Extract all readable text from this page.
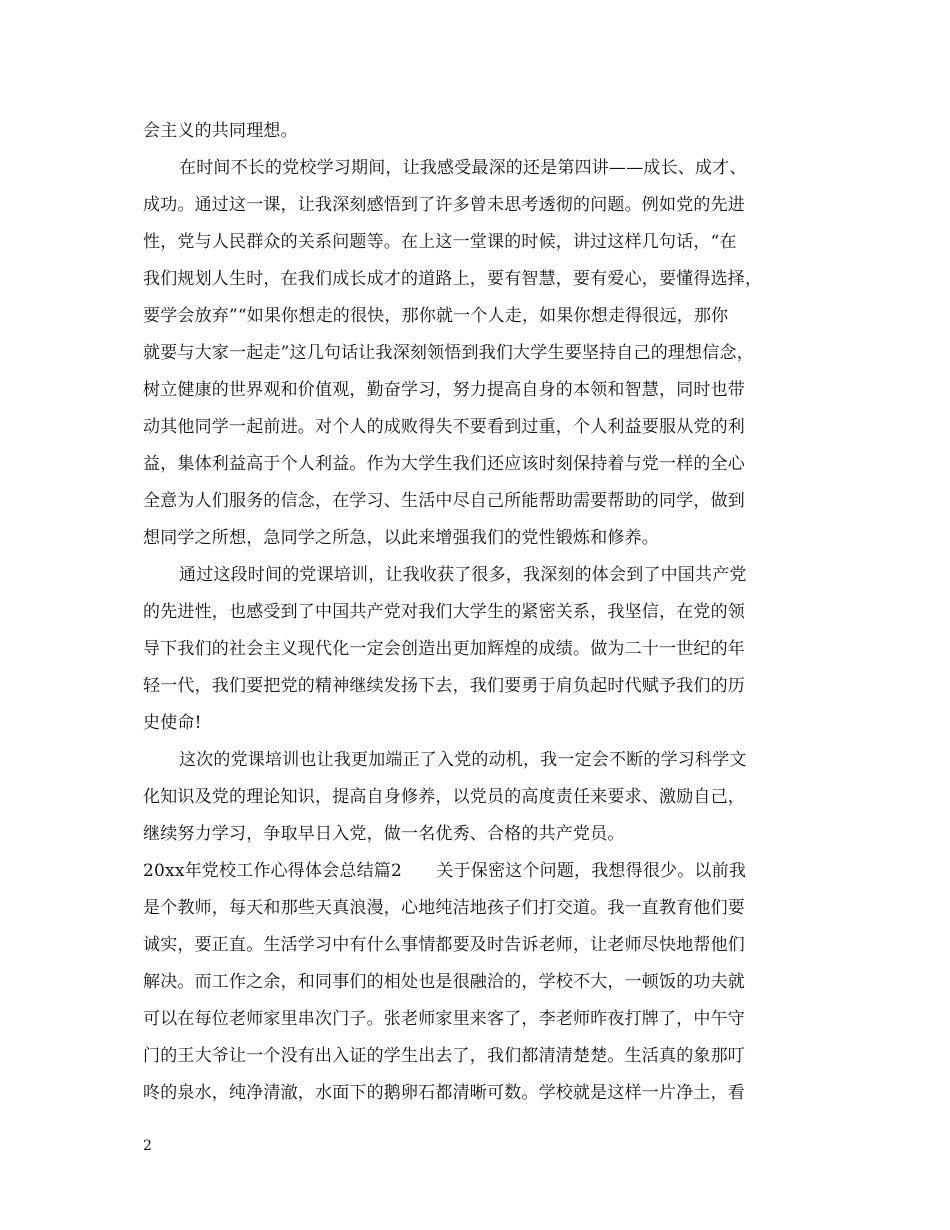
会主义的共同理想。
在时间不长的党校学习期间，让我感受最深的还是第四讲——成长、成才、
成功。通过这一课，让我深刻感悟到了许多曾未思考透彻的问题。例如党的先进
性，党与人民群众的关系问题等。在上这一堂课的时候，讲过这样几句话，“在
我们规划人生时，在我们成长成才的道路上，要有智慧，要有爱心，要懂得选择，
要学会放弃”“如果你想走的很快，那你就一个人走，如果你想走得很远，那你
就要与大家一起走”这几句话让我深刻领悟到我们大学生要坚持自己的理想信念，
树立健康的世界观和价值观，勤奋学习，努力提高自身的本领和智慧，同时也带
动其他同学一起前进。对个人的成败得失不要看到过重，个人利益要服从党的利
益，集体利益高于个人利益。作为大学生我们还应该时刻保持着与党一样的全心
全意为人们服务的信念，在学习、生活中尽自己所能帮助需要帮助的同学，做到
想同学之所想，急同学之所急，以此来增强我们的党性锻炼和修养。
通过这段时间的党课培训，让我收获了很多，我深刻的体会到了中国共产党
的先进性，也感受到了中国共产党对我们大学生的紧密关系，我坚信，在党的领
导下我们的社会主义现代化一定会创造出更加辉煌的成绩。做为二十一世纪的年
轻一代，我们要把党的精神继续发扬下去，我们要勇于肩负起时代赋予我们的历
史使命!
这次的党课培训也让我更加端正了入党的动机，我一定会不断的学习科学文
化知识及党的理论知识，提高自身修养，以党员的高度责任来要求、激励自己，
继续努力学习，争取早日入党，做一名优秀、合格的共产党员。
20xx年党校工作心得体会总结篇2　　关于保密这个问题，我想得很少。以前我
是个教师，每天和那些天真浪漫，心地纯洁地孩子们打交道。我一直教育他们要
诚实，要正直。生活学习中有什么事情都要及时告诉老师，让老师尽快地帮他们
解决。而工作之余，和同事们的相处也是很融洽的，学校不大，一顿饭的功夫就
可以在每位老师家里串次门子。张老师家里来客了，李老师昨夜打牌了，中午守
门的王大爷让一个没有出入证的学生出去了，我们都清清楚楚。生活真的象那叮
咚的泉水，纯净清澈，水面下的鹅卵石都清晰可数。学校就是这样一片净土，看
2
